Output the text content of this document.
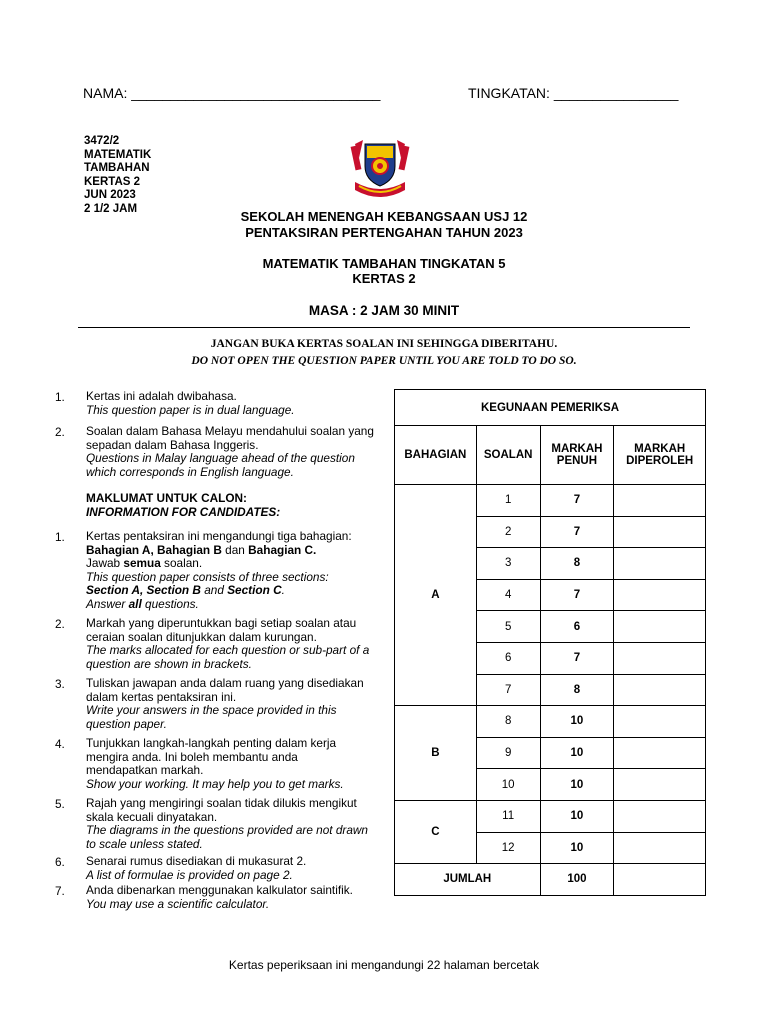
NAMA: ________________________________	TINGKATAN: ________________
3472/2
MATEMATIK
TAMBAHAN
KERTAS 2
JUN 2023
2 1/2 JAM
SEKOLAH MENENGAH KEBANGSAAN USJ 12
PENTAKSIRAN PERTENGAHAN TAHUN 2023
MATEMATIK TAMBAHAN TINGKATAN 5
KERTAS 2
MASA : 2 JAM 30 MINIT
JANGAN BUKA KERTAS SOALAN INI SEHINGGA DIBERITAHU.
DO NOT OPEN THE QUESTION PAPER UNTIL YOU ARE TOLD TO DO SO.
1. Kertas ini adalah dwibahasa.
This question paper is in dual language.
2. Soalan dalam Bahasa Melayu mendahului soalan yang sepadan dalam Bahasa Inggeris.
Questions in Malay language ahead of the question which corresponds in English language.
MAKLUMAT UNTUK CALON:
INFORMATION FOR CANDIDATES:
1. Kertas pentaksiran ini mengandungi tiga bahagian:
Bahagian A, Bahagian B dan Bahagian C.
Jawab semua soalan.
This question paper consists of three sections:
Section A, Section B and Section C.
Answer all questions.
2. Markah yang diperuntukkan bagi setiap soalan atau ceraian soalan ditunjukkan dalam kurungan.
The marks allocated for each question or sub-part of a question are shown in brackets.
3. Tuliskan jawapan anda dalam ruang yang disediakan dalam kertas pentaksiran ini.
Write your answers in the space provided in this question paper.
4. Tunjukkan langkah-langkah penting dalam kerja mengira anda. Ini boleh membantu anda mendapatkan markah.
Show your working. It may help you to get marks.
5. Rajah yang mengiringi soalan tidak dilukis mengikut skala kecuali dinyatakan.
The diagrams in the questions provided are not drawn to scale unless stated.
6. Senarai rumus disediakan di mukasurat 2.
A list of formulae is provided on page 2.
7. Anda dibenarkan menggunakan kalkulator saintifik.
You may use a scientific calculator.
KEGUNAAN PEMERIKSA			
BAHAGIAN	SOALAN	MARKAH PENUH	MARKAH DIPEROLEH
A	1	7	
	2	7	
	3	8	
	4	7	
	5	6	
	6	7	
	7	8	
B	8	10	
	9	10	
	10	10	
C	11	10	
	12	10	
JUMLAH		100	
Kertas peperiksaan ini mengandungi 22 halaman bercetak
